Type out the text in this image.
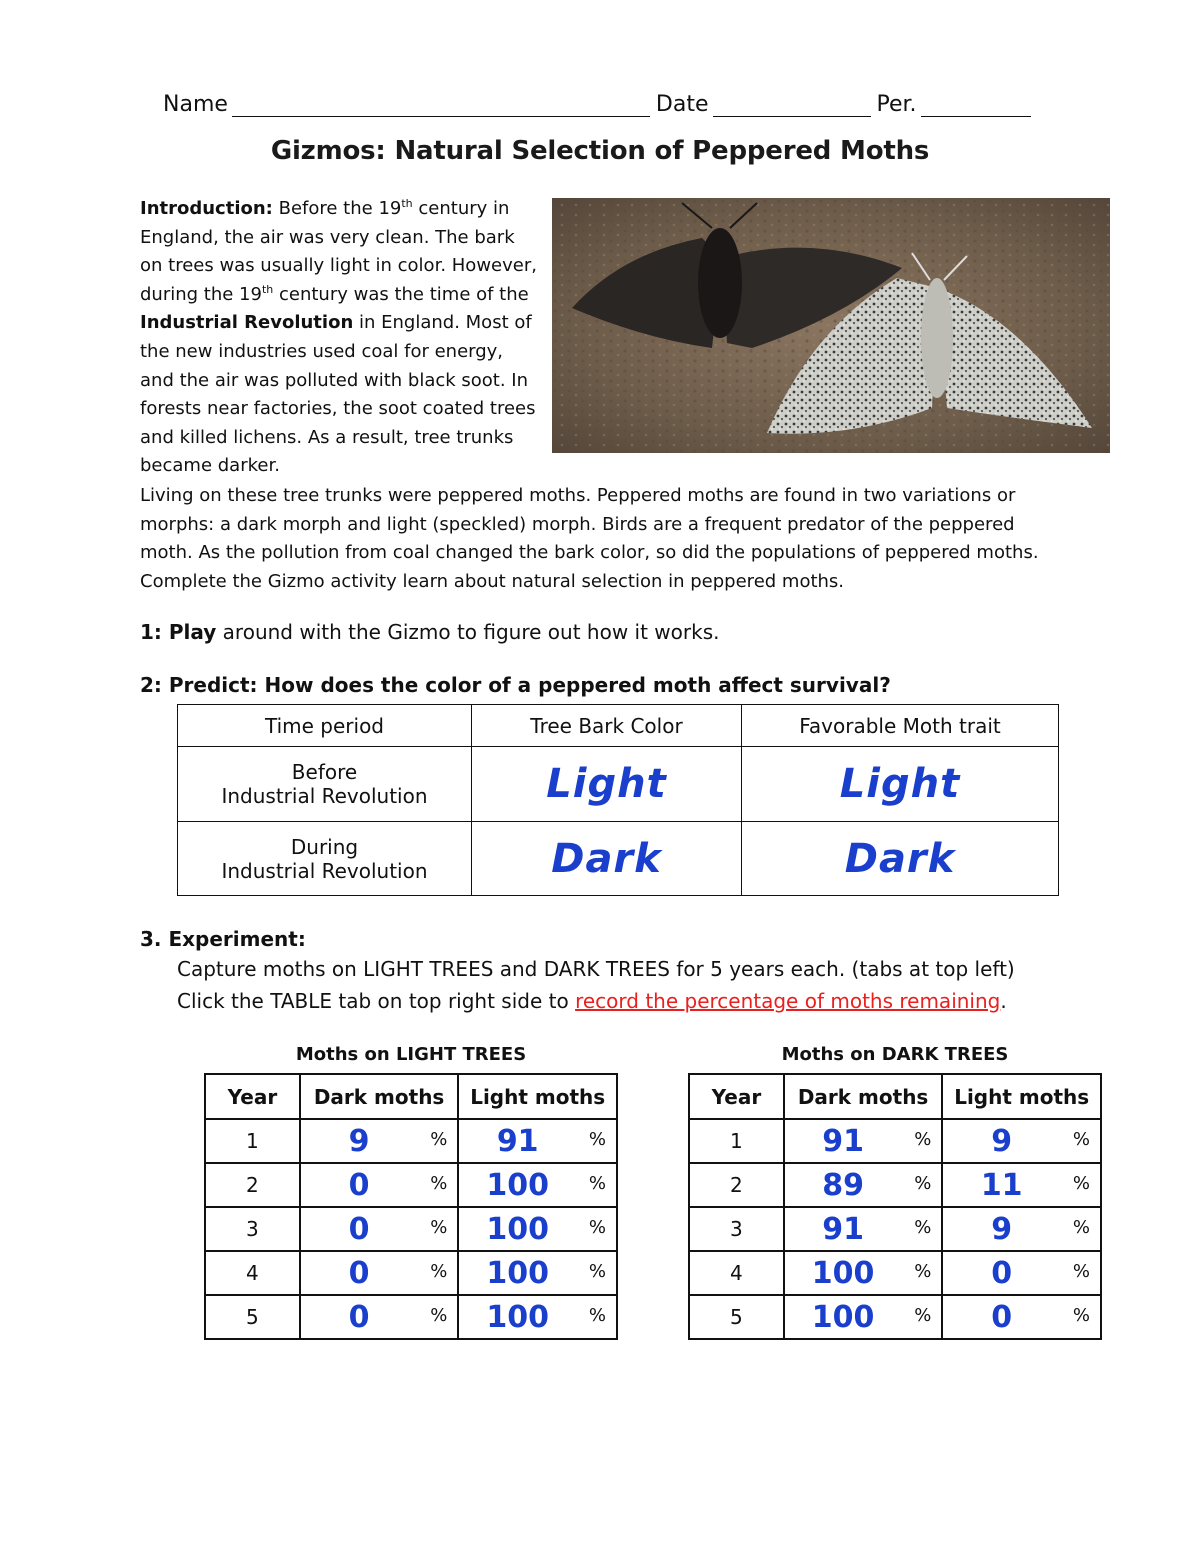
Name	Date	Per.
Gizmos: Natural Selection of Peppered Moths
Introduction: Before the 19th century in England, the air was very clean. The bark on trees was usually light in color. However, during the 19th century was the time of the Industrial Revolution in England. Most of the new industries used coal for energy, and the air was polluted with black soot. In forests near factories, the soot coated trees and killed lichens. As a result, tree trunks became darker.
Living on these tree trunks were peppered moths. Peppered moths are found in two variations or morphs: a dark morph and light (speckled) morph. Birds are a frequent predator of the peppered moth. As the pollution from coal changed the bark color, so did the populations of peppered moths. Complete the Gizmo activity learn about natural selection in peppered moths.
1: Play around with the Gizmo to figure out how it works.
2: Predict: How does the color of a peppered moth affect survival?
Time period	Tree Bark Color	Favorable Moth trait

Before
Industrial Revolution	Light	Light

During
Industrial Revolution	Dark	Dark
3. Experiment:
Capture moths on LIGHT TREES and DARK TREES for 5 years each. (tabs at top left)
Click the TABLE tab on top right side to record the percentage of moths remaining.
Moths on LIGHT TREES
Year	Dark moths	Light moths
1	9 %	91 %

2	0 %	100 %

3	0 %	100 %

4	0 %	100 %

5	0 %	100 %
Moths on DARK TREES
Year	Dark moths	Light moths
1	91 %	9 %

2	89 %	11 %

3	91 %	9 %

4	100 %	0 %

5	100 %	0 %
